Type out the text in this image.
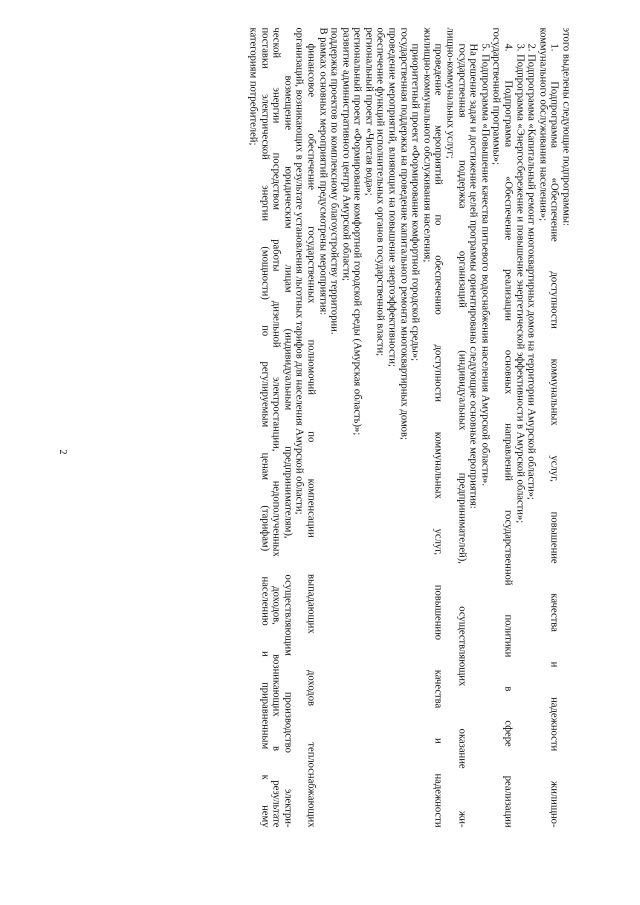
2
этого выделены следующие подпрограммы:
1. Подпрограмма «Обеспечение доступности коммунальных услуг, повышение качества и надежности жилищно-
коммунального обслуживания населения»;
2. Подпрограмма «Капитальный ремонт многоквартирных домов на территории Амурской области»;
3. Подпрограмма «Энергосбережение и повышение энергетической эффективности в Амурской области»;
4. Подпрограмма «Обеспечение реализации основных направлений государственной политики в сфере реализации
государственной программы»;
5. Подпрограмма «Повышение качества питьевого водоснабжения населения Амурской области».
На решение задач и достижение целей программы ориентированы следующие основные мероприятия:
государственная поддержка организаций (индивидуальных предпринимателей), осуществляющих оказание жи-
лищно-коммунальных услуг;
проведение мероприятий по обеспечению доступности коммунальных услуг, повышению качества и надежности
жилищно-коммунального обслуживания населения;
приоритетный проект «Формирование комфортной городской среды»;
государственная поддержка на проведение капитального ремонта многоквартирных домов;
проведение мероприятий, влияющих на повышение энергоэффективности;
обеспечение функций исполнительных органов государственной власти;
региональный проект «Чистая вода»;
региональный проект «Формирование комфортной городской среды (Амурская область)»;
развитие административного центра Амурской области;
поддержка проектов по комплексному благоустройству территории.
В рамках основных мероприятий предусмотрены мероприятия:
финансовое обеспечение государственных полномочий по компенсации выпадающих доходов теплоснабжающих
организаций, возникающих в результате установления льготных тарифов для населения Амурской области;
возмещение юридическим лицам (индивидуальным предпринимателям), осуществляющим производство электри-
ческой энергии посредством работы дизельной электростанции, недополученных доходов, возникающих в результате
поставки электрической энергии (мощности) по регулируемым ценам (тарифам) населению и приравненным к нему
категориям потребителей;
